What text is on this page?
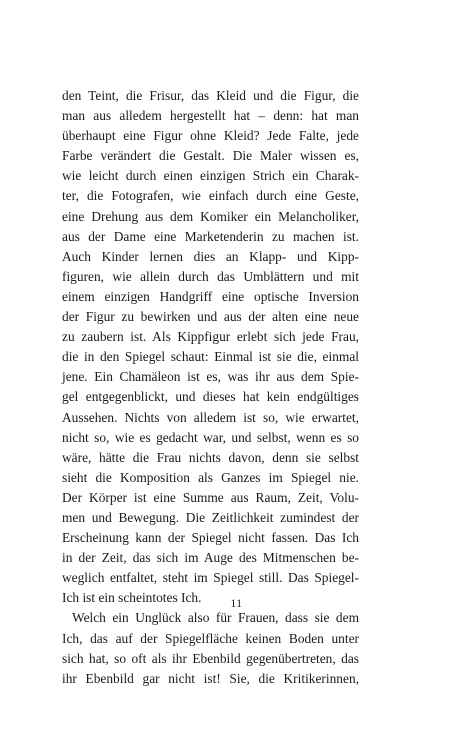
den Teint, die Frisur, das Kleid und die Figur, die
man aus alledem hergestellt hat – denn: hat man
überhaupt eine Figur ohne Kleid? Jede Falte, jede
Farbe verändert die Gestalt. Die Maler wissen es,
wie leicht durch einen einzigen Strich ein Charak-
ter, die Fotografen, wie einfach durch eine Geste,
eine Drehung aus dem Komiker ein Melancholiker,
aus der Dame eine Marketenderin zu machen ist.
Auch Kinder lernen dies an Klapp- und Kipp-
figuren, wie allein durch das Umblättern und mit
einem einzigen Handgriff eine optische Inversion
der Figur zu bewirken und aus der alten eine neue
zu zaubern ist. Als Kippfigur erlebt sich jede Frau,
die in den Spiegel schaut: Einmal ist sie die, einmal
jene. Ein Chamäleon ist es, was ihr aus dem Spie-
gel entgegenblickt, und dieses hat kein endgültiges
Aussehen. Nichts von alledem ist so, wie erwartet,
nicht so, wie es gedacht war, und selbst, wenn es so
wäre, hätte die Frau nichts davon, denn sie selbst
sieht die Komposition als Ganzes im Spiegel nie.
Der Körper ist eine Summe aus Raum, Zeit, Volu-
men und Bewegung. Die Zeitlichkeit zumindest der
Erscheinung kann der Spiegel nicht fassen. Das Ich
in der Zeit, das sich im Auge des Mitmenschen be-
weglich entfaltet, steht im Spiegel still. Das Spiegel-
Ich ist ein scheintotes Ich.
Welch ein Unglück also für Frauen, dass sie dem
Ich, das auf der Spiegelfläche keinen Boden unter
sich hat, so oft als ihr Ebenbild gegenübertreten, das
ihr Ebenbild gar nicht ist! Sie, die Kritikerinnen,
11
